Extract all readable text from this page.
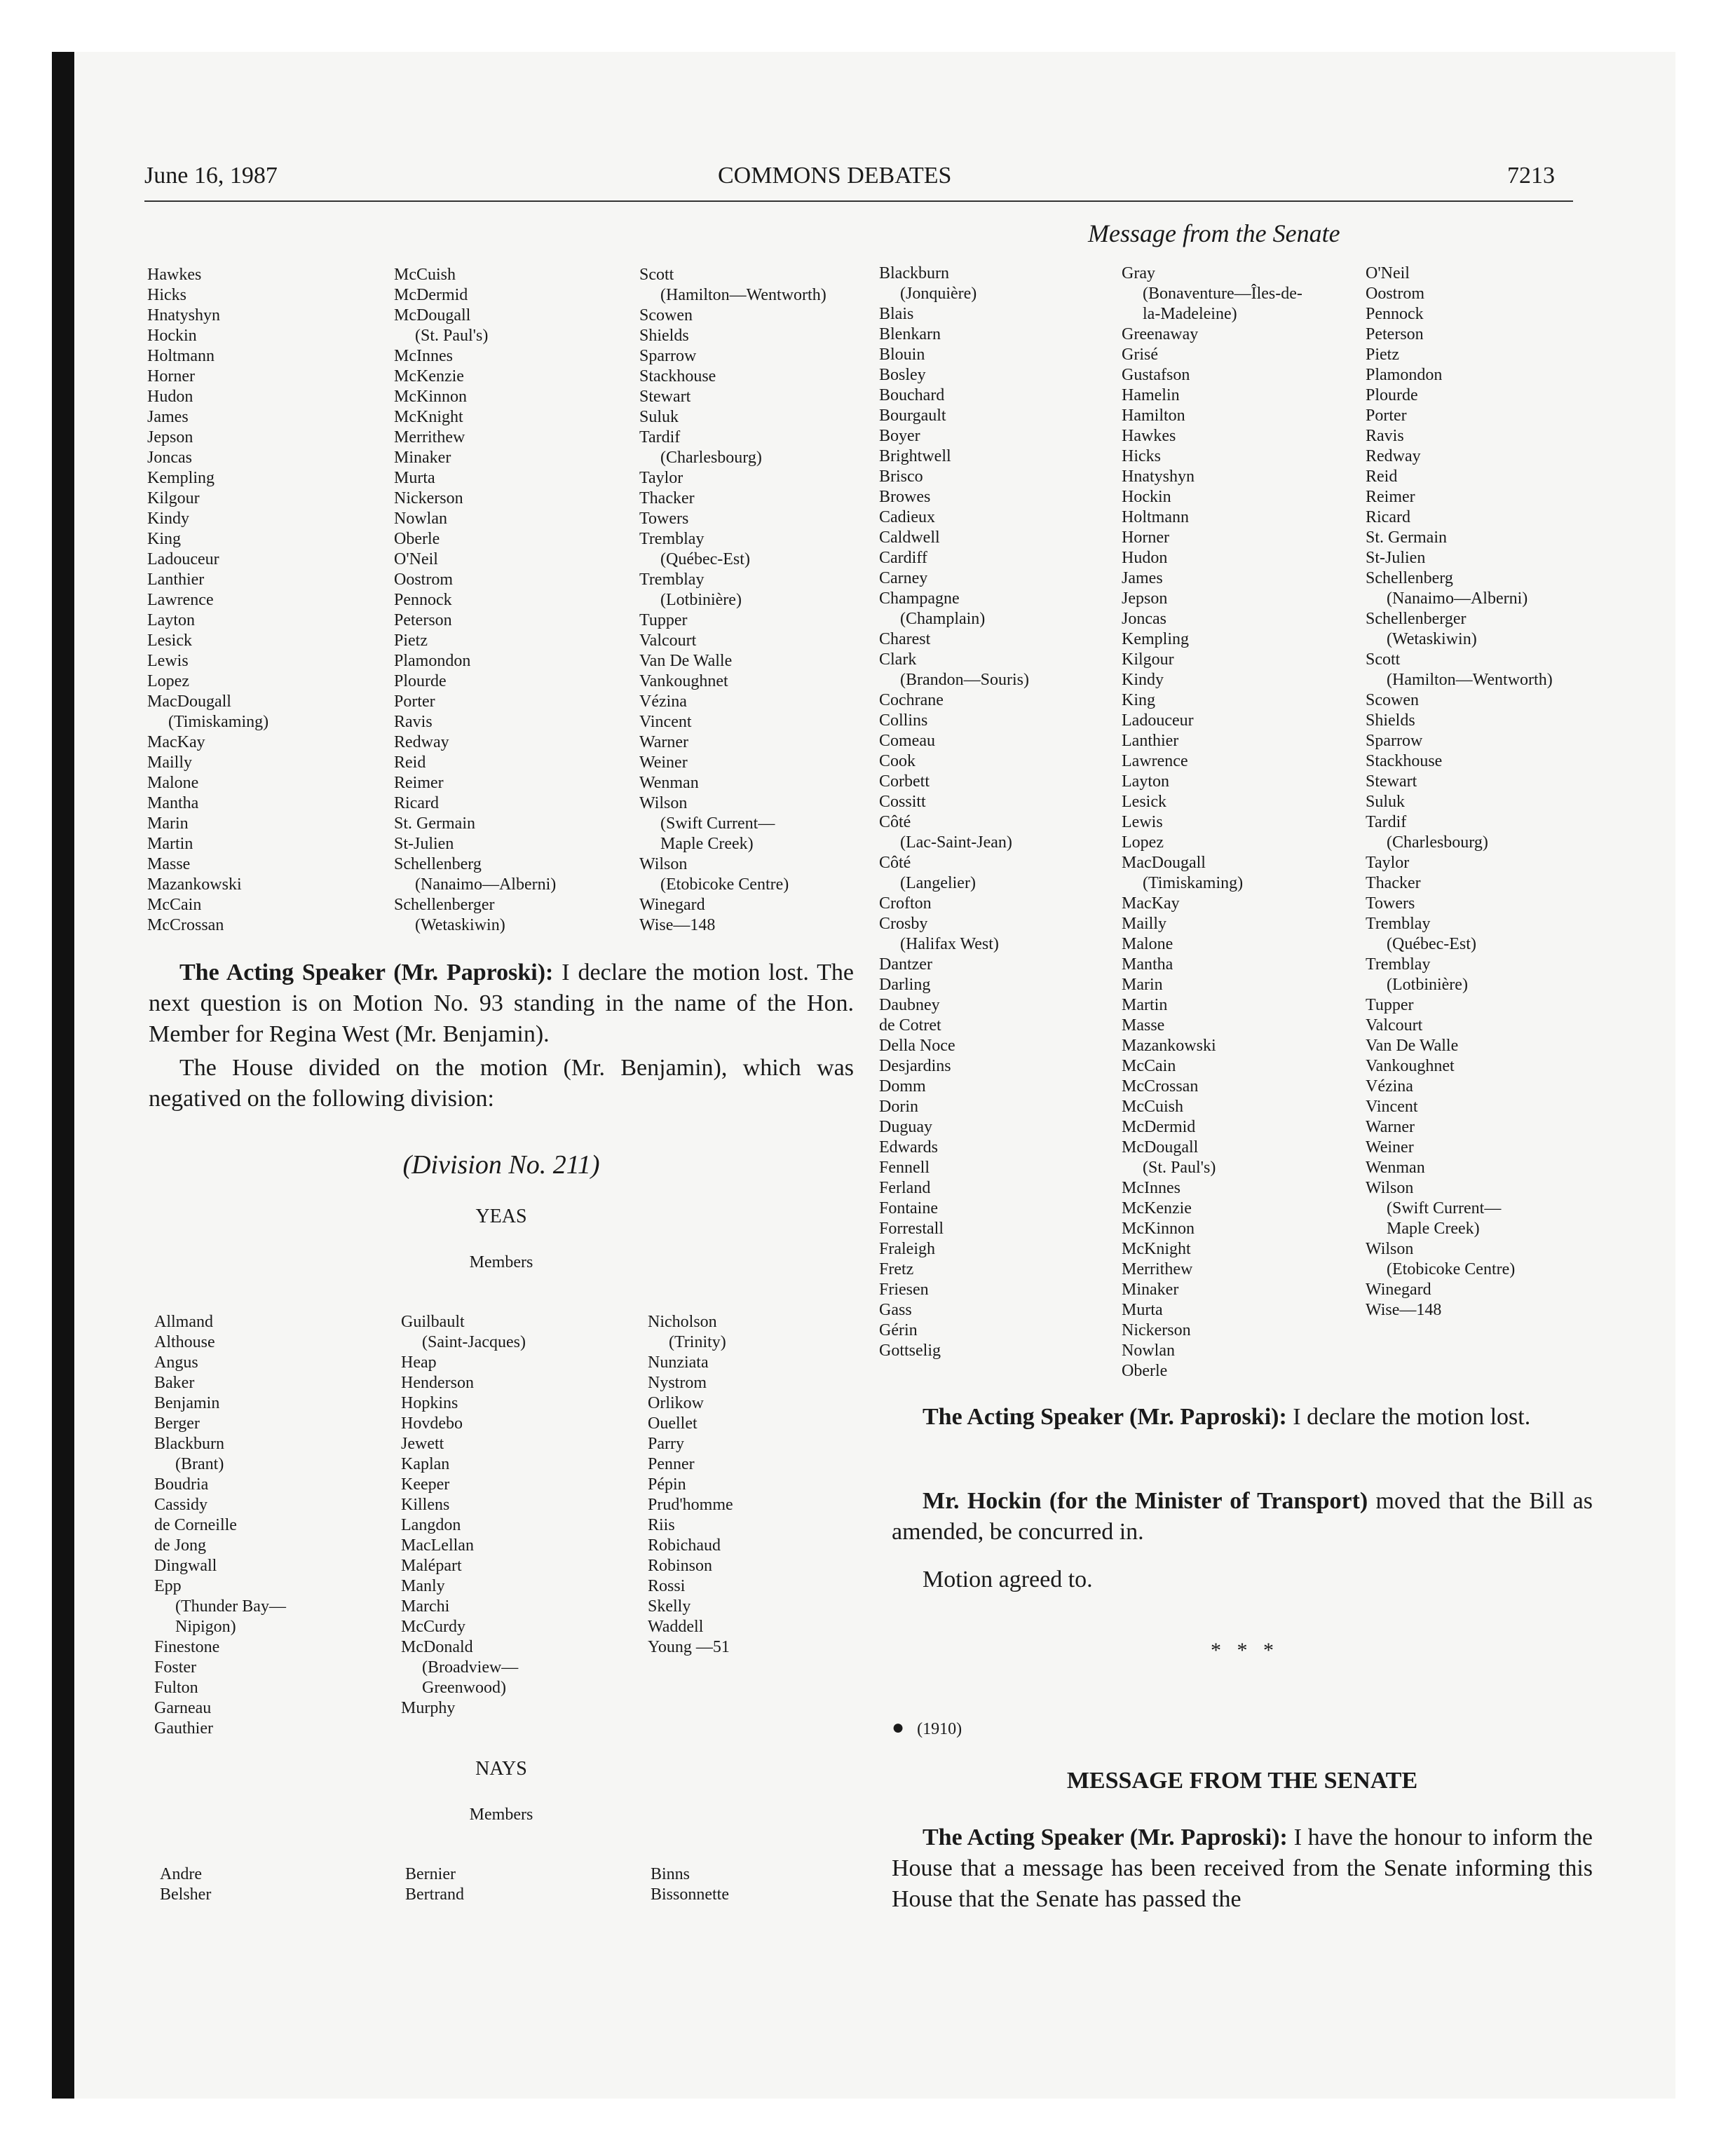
June 16, 1987	COMMONS DEBATES	7213
Message from the Senate
Hawkes
Hicks
Hnatyshyn
Hockin
Holtmann
Horner
Hudon
James
Jepson
Joncas
Kempling
Kilgour
Kindy
King
Ladouceur
Lanthier
Lawrence
Layton
Lesick
Lewis
Lopez
MacDougall
(Timiskaming)
MacKay
Mailly
Malone
Mantha
Marin
Martin
Masse
Mazankowski
McCain
McCrossan
McCuish
McDermid
McDougall
(St. Paul's)
McInnes
McKenzie
McKinnon
McKnight
Merrithew
Minaker
Murta
Nickerson
Nowlan
Oberle
O'Neil
Oostrom
Pennock
Peterson
Pietz
Plamondon
Plourde
Porter
Ravis
Redway
Reid
Reimer
Ricard
St. Germain
St-Julien
Schellenberg
(Nanaimo—Alberni)
Schellenberger
(Wetaskiwin)
Scott
(Hamilton—Wentworth)
Scowen
Shields
Sparrow
Stackhouse
Stewart
Suluk
Tardif
(Charlesbourg)
Taylor
Thacker
Towers
Tremblay
(Québec-Est)
Tremblay
(Lotbinière)
Tupper
Valcourt
Van De Walle
Vankoughnet
Vézina
Vincent
Warner
Weiner
Wenman
Wilson
(Swift Current—
Maple Creek)
Wilson
(Etobicoke Centre)
Winegard
Wise—148

The Acting Speaker (Mr. Paproski): I declare the motion lost. The next question is on Motion No. 93 standing in the name of the Hon. Member for Regina West (Mr. Benjamin).

The House divided on the motion (Mr. Benjamin), which was negatived on the following division:

(Division No. 211)
YEAS
Members
Allmand
Althouse
Angus
Baker
Benjamin
Berger
Blackburn
(Brant)
Boudria
Cassidy
de Corneille
de Jong
Dingwall
Epp
(Thunder Bay—
Nipigon)
Finestone
Foster
Fulton
Garneau
Gauthier
Guilbault
(Saint-Jacques)
Heap
Henderson
Hopkins
Hovdebo
Jewett
Kaplan
Keeper
Killens
Langdon
MacLellan
Malépart
Manly
Marchi
McCurdy
McDonald
(Broadview—
Greenwood)
Murphy
Nicholson
(Trinity)
Nunziata
Nystrom
Orlikow
Ouellet
Parry
Penner
Pépin
Prud'homme
Riis
Robichaud
Robinson
Rossi
Skelly
Waddell
Young —51
NAYS
Members
Andre
Belsher
Bernier
Bertrand
Binns
Bissonnette
Blackburn
(Jonquière)
Blais
Blenkarn
Blouin
Bosley
Bouchard
Bourgault
Boyer
Brightwell
Brisco
Browes
Cadieux
Caldwell
Cardiff
Carney
Champagne
(Champlain)
Charest
Clark
(Brandon—Souris)
Cochrane
Collins
Comeau
Cook
Corbett
Cossitt
Côté
(Lac-Saint-Jean)
Côté
(Langelier)
Crofton
Crosby
(Halifax West)
Dantzer
Darling
Daubney
de Cotret
Della Noce
Desjardins
Domm
Dorin
Duguay
Edwards
Fennell
Ferland
Fontaine
Forrestall
Fraleigh
Fretz
Friesen
Gass
Gérin
Gottselig
Gray
(Bonaventure—Îles-de-
la-Madeleine)
Greenaway
Grisé
Gustafson
Hamelin
Hamilton
Hawkes
Hicks
Hnatyshyn
Hockin
Holtmann
Horner
Hudon
James
Jepson
Joncas
Kempling
Kilgour
Kindy
King
Ladouceur
Lanthier
Lawrence
Layton
Lesick
Lewis
Lopez
MacDougall
(Timiskaming)
MacKay
Mailly
Malone
Mantha
Marin
Martin
Masse
Mazankowski
McCain
McCrossan
McCuish
McDermid
McDougall
(St. Paul's)
McInnes
McKenzie
McKinnon
McKnight
Merrithew
Minaker
Murta
Nickerson
Nowlan
Oberle
O'Neil
Oostrom
Pennock
Peterson
Pietz
Plamondon
Plourde
Porter
Ravis
Redway
Reid
Reimer
Ricard
St. Germain
St-Julien
Schellenberg
(Nanaimo—Alberni)
Schellenberger
(Wetaskiwin)
Scott
(Hamilton—Wentworth)
Scowen
Shields
Sparrow
Stackhouse
Stewart
Suluk
Tardif
(Charlesbourg)
Taylor
Thacker
Towers
Tremblay
(Québec-Est)
Tremblay
(Lotbinière)
Tupper
Valcourt
Van De Walle
Vankoughnet
Vézina
Vincent
Warner
Weiner
Wenman
Wilson
(Swift Current—
Maple Creek)
Wilson
(Etobicoke Centre)
Winegard
Wise—148

The Acting Speaker (Mr. Paproski): I declare the motion lost.

Mr. Hockin (for the Minister of Transport) moved that the Bill as amended, be concurred in.

Motion agreed to.

*   *   *
● (1910)
MESSAGE FROM THE SENATE

The Acting Speaker (Mr. Paproski): I have the honour to inform the House that a message has been received from the Senate informing this House that the Senate has passed the
